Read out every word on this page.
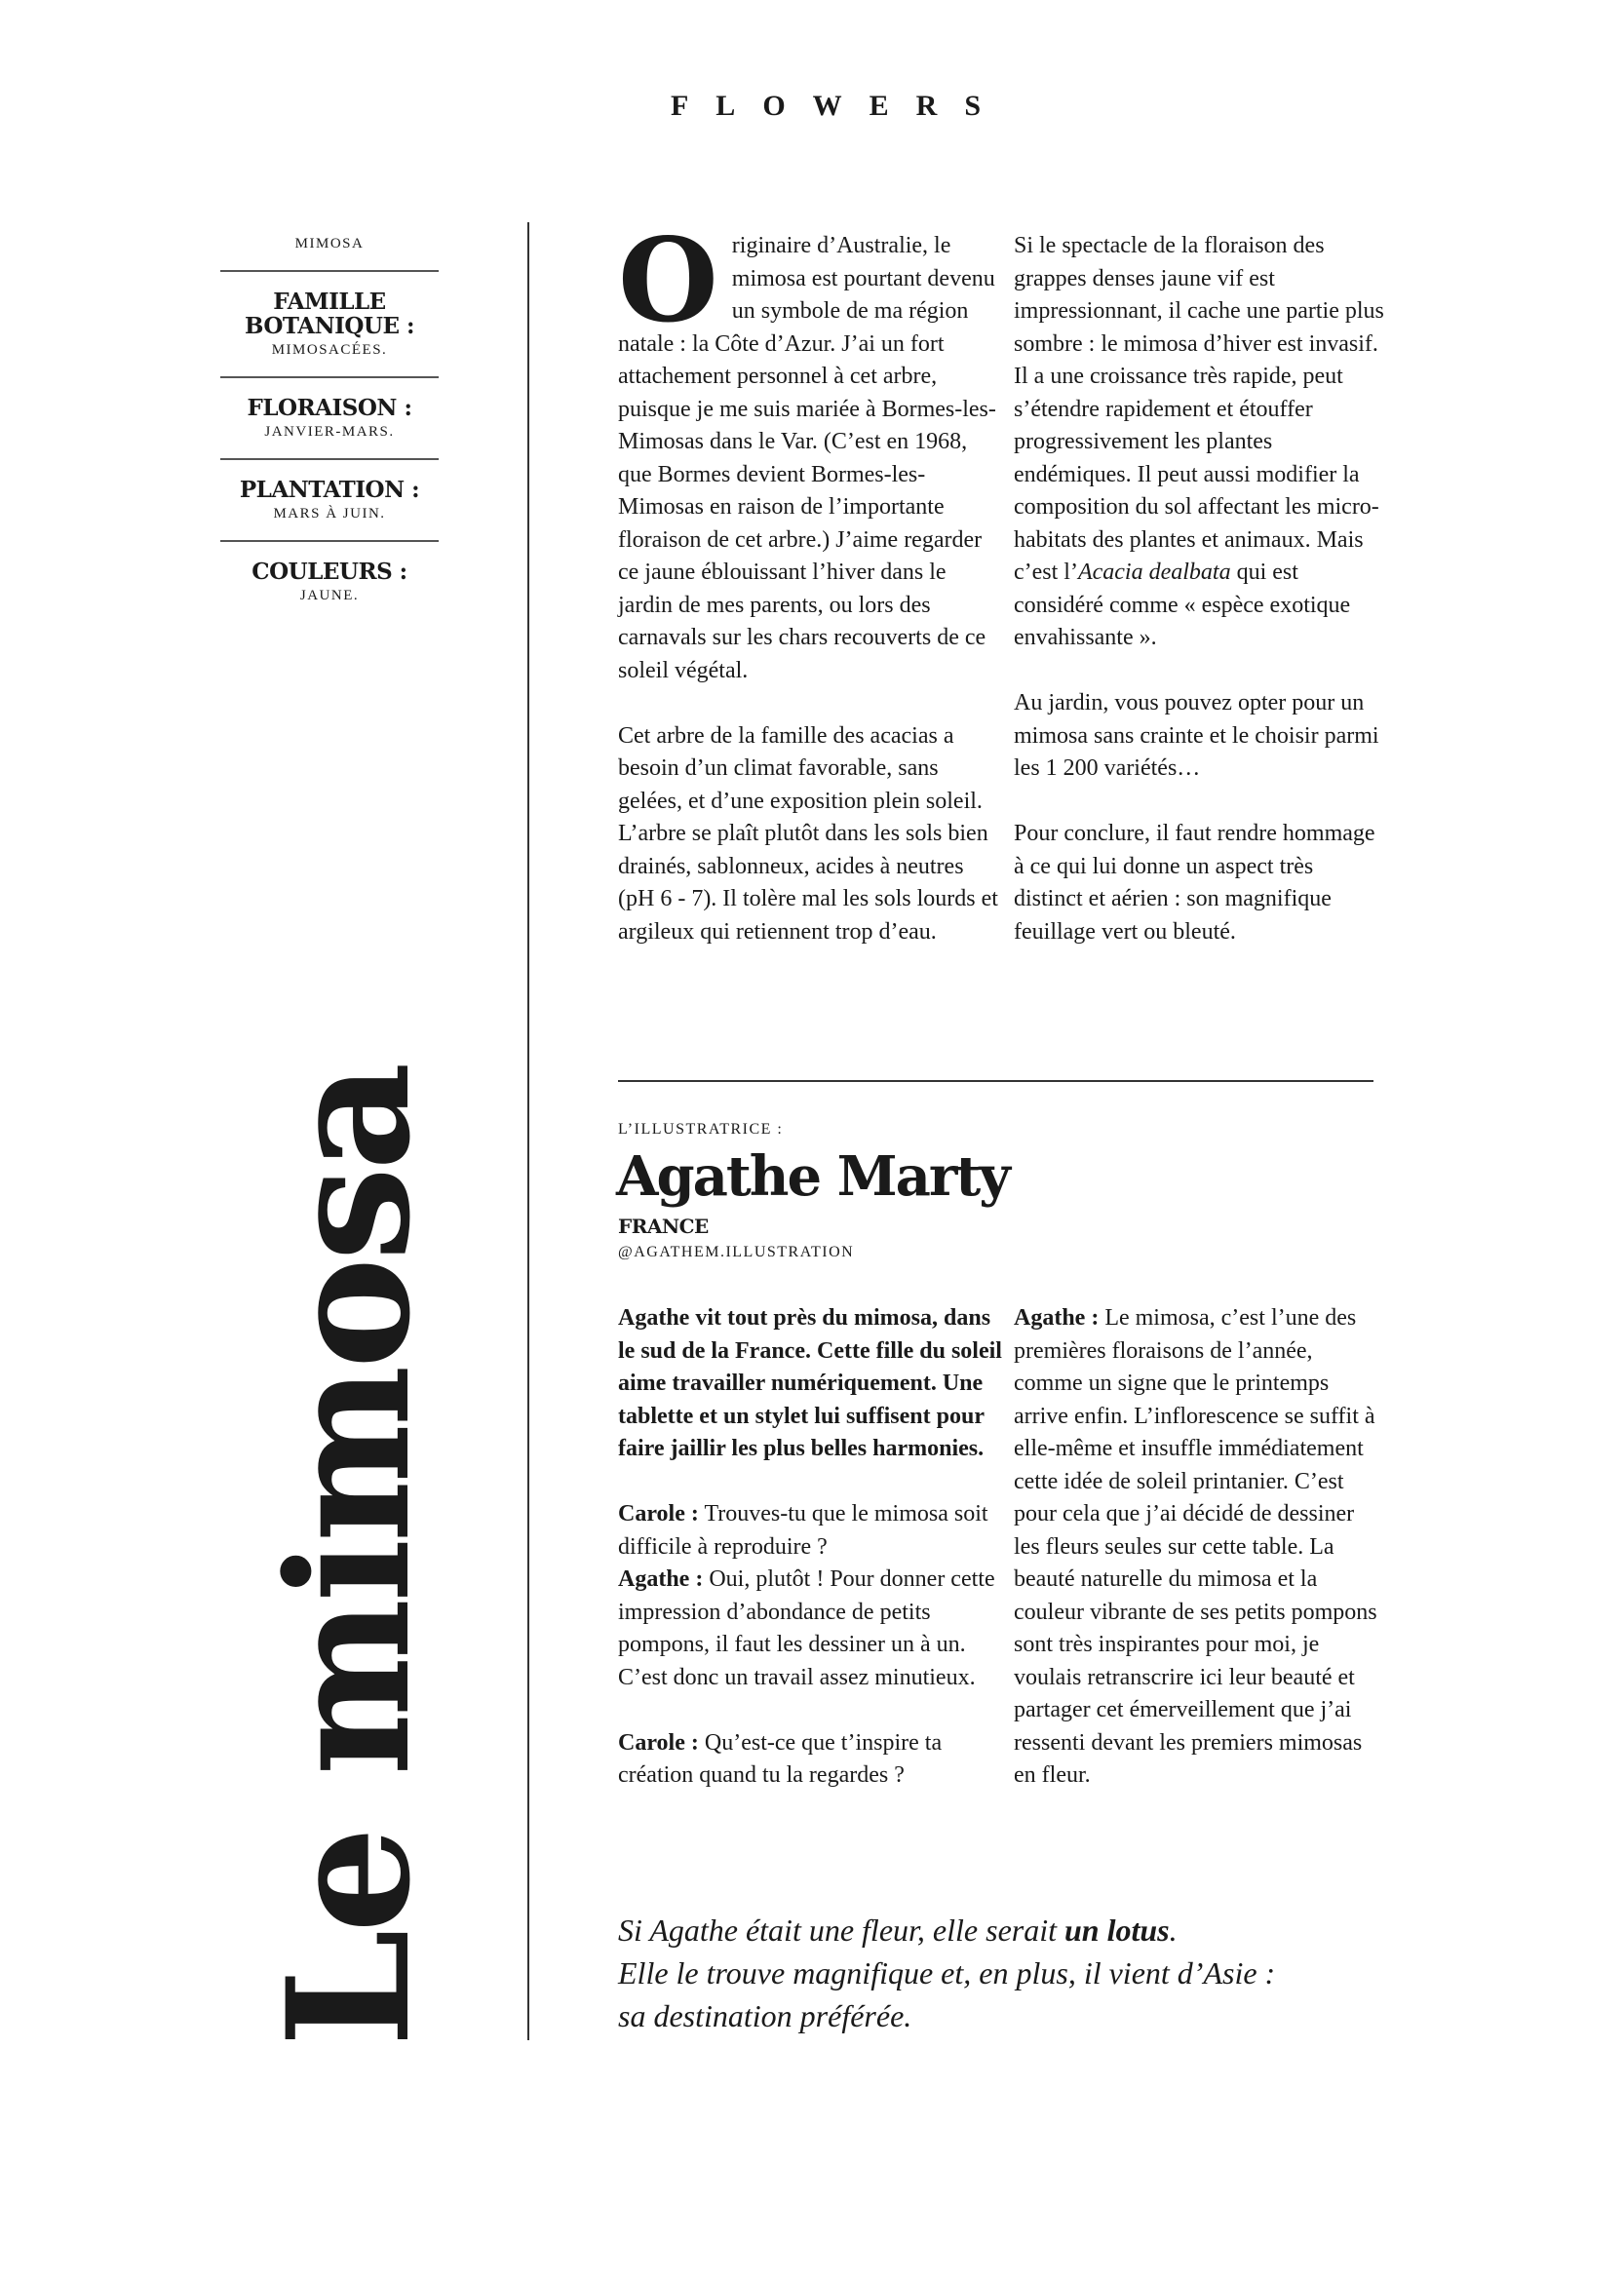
FLOWERS
MIMOSA
FAMILLE BOTANIQUE :
MIMOSACÉES.
FLORAISON :
JANVIER-MARS.
PLANTATION :
MARS À JUIN.
COULEURS :
JAUNE.
Le mimosa

Originaire d’Australie, le mimosa est pourtant devenu un symbole de ma région natale : la Côte d’Azur. J’ai un fort attachement personnel à cet arbre, puisque je me suis mariée à Bormes-les-Mimosas dans le Var. (C’est en 1968, que Bormes devient Bormes-les-Mimosas en raison de l’importante floraison de cet arbre.) J’aime regarder ce jaune éblouissant l’hiver dans le jardin de mes parents, ou lors des carnavals sur les chars recouverts de ce soleil végétal.

Cet arbre de la famille des acacias a besoin d’un climat favorable, sans gelées, et d’une exposition plein soleil. L’arbre se plaît plutôt dans les sols bien drainés, sablonneux, acides à neutres (pH 6 - 7). Il tolère mal les sols lourds et argileux qui retiennent trop d’eau.

Si le spectacle de la floraison des grappes denses jaune vif est impressionnant, il cache une partie plus sombre : le mimosa d’hiver est invasif. Il a une croissance très rapide, peut s’étendre rapidement et étouffer progressivement les plantes endémiques. Il peut aussi modifier la composition du sol affectant les micro-habitats des plantes et animaux. Mais c’est l’Acacia dealbata qui est considéré comme « espèce exotique envahissante ».

Au jardin, vous pouvez opter pour un mimosa sans crainte et le choisir parmi les 1 200 variétés…

Pour conclure, il faut rendre hommage à ce qui lui donne un aspect très distinct et aérien : son magnifique feuillage vert ou bleuté.

L’ILLUSTRATRICE :
Agathe Marty
FRANCE
@AGATHEM.ILLUSTRATION

Agathe vit tout près du mimosa, dans le sud de la France. Cette fille du soleil aime travailler numériquement. Une tablette et un stylet lui suffisent pour faire jaillir les plus belles harmonies.

Carole : Trouves-tu que le mimosa soit difficile à reproduire ?
Agathe : Oui, plutôt ! Pour donner cette impression d’abondance de petits pompons, il faut les dessiner un à un. C’est donc un travail assez minutieux.

Carole : Qu’est-ce que t’inspire ta création quand tu la regardes ?

Agathe : Le mimosa, c’est l’une des premières floraisons de l’année, comme un signe que le printemps arrive enfin. L’inflorescence se suffit à elle-même et insuffle immédiatement cette idée de soleil printanier. C’est pour cela que j’ai décidé de dessiner les fleurs seules sur cette table. La beauté naturelle du mimosa et la couleur vibrante de ses petits pompons sont très inspirantes pour moi, je voulais retranscrire ici leur beauté et partager cet émerveillement que j’ai ressenti devant les premiers mimosas en fleur.

Si Agathe était une fleur, elle serait un lotus.
Elle le trouve magnifique et, en plus, il vient d’Asie :
sa destination préférée.
